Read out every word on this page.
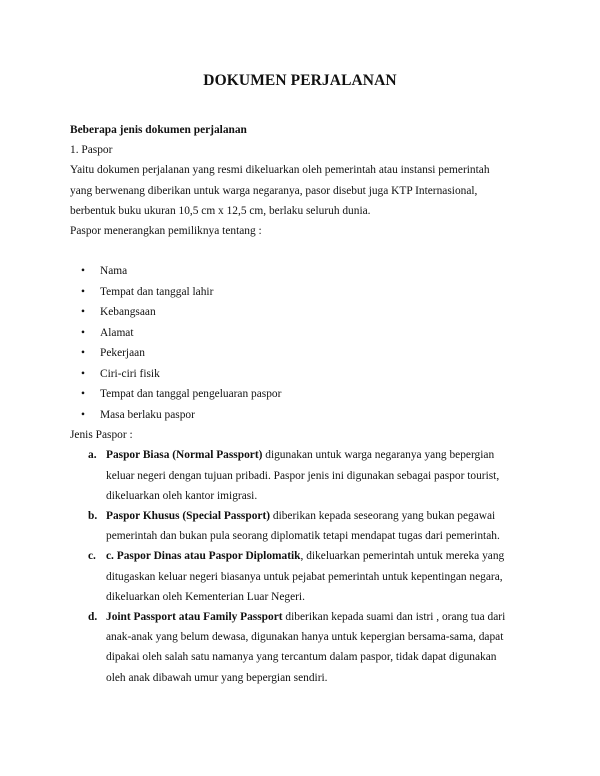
DOKUMEN PERJALANAN

Beberapa jenis dokumen perjalanan

1. Paspor

Yaitu dokumen perjalanan yang resmi dikeluarkan oleh pemerintah atau instansi pemerintah

yang berwenang diberikan untuk warga negaranya, pasor disebut juga KTP Internasional,

berbentuk buku ukuran 10,5 cm x 12,5 cm, berlaku seluruh dunia.

Paspor menerangkan pemiliknya tentang :

• Nama
• Tempat dan tanggal lahir
• Kebangsaan
• Alamat
• Pekerjaan
• Ciri-ciri fisik
• Tempat dan tanggal pengeluaran paspor
• Masa berlaku paspor

Jenis Paspor :

a. Paspor Biasa (Normal Passport) digunakan untuk warga negaranya yang bepergian
keluar negeri dengan tujuan pribadi. Paspor jenis ini digunakan sebagai paspor tourist,
dikeluarkan oleh kantor imigrasi.
b. Paspor Khusus (Special Passport) diberikan kepada seseorang yang bukan pegawai
pemerintah dan bukan pula seorang diplomatik tetapi mendapat tugas dari pemerintah.
c. c. Paspor Dinas atau Paspor Diplomatik, dikeluarkan pemerintah untuk mereka yang
ditugaskan keluar negeri biasanya untuk pejabat pemerintah untuk kepentingan negara,
dikeluarkan oleh Kementerian Luar Negeri.
d. Joint Passport atau Family Passport diberikan kepada suami dan istri , orang tua dari
anak-anak yang belum dewasa, digunakan hanya untuk kepergian bersama-sama, dapat
dipakai oleh salah satu namanya yang tercantum dalam paspor, tidak dapat digunakan
oleh anak dibawah umur yang bepergian sendiri.
